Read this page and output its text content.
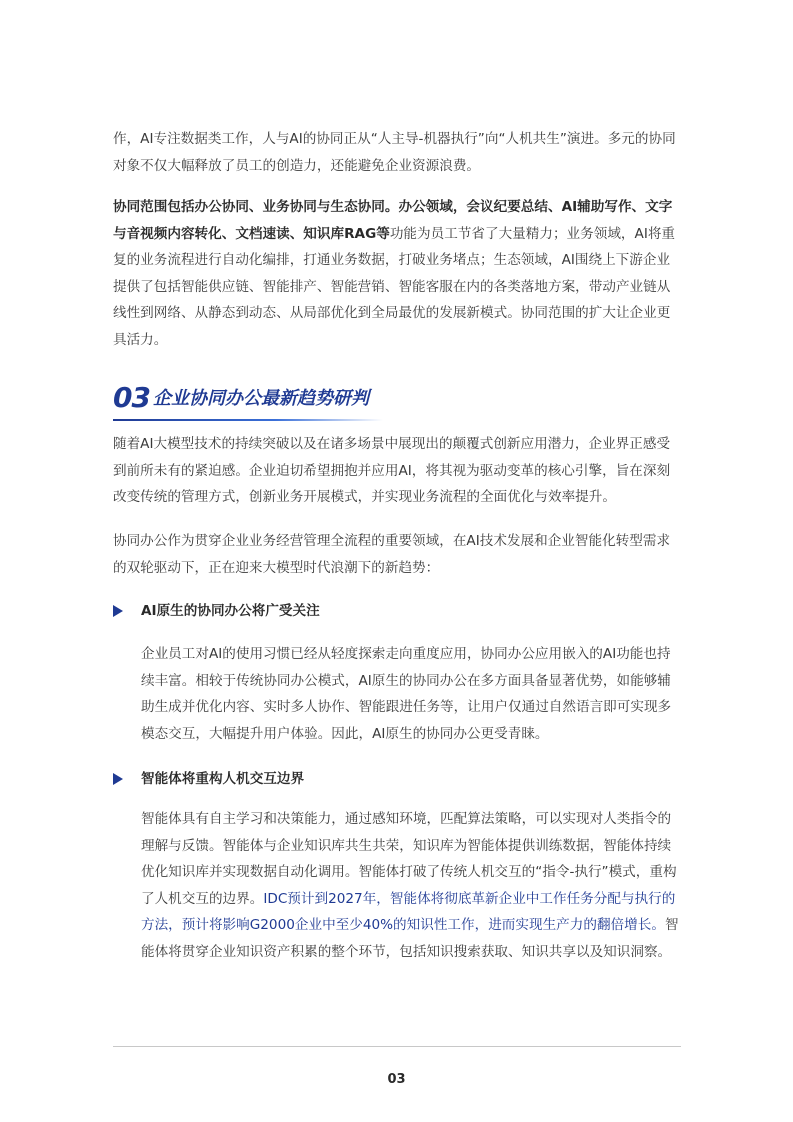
作，AI专注数据类工作，人与AI的协同正从“人主导-机器执行”向“人机共生”演进。多元的协同对象不仅大幅释放了员工的创造力，还能避免企业资源浪费。

协同范围包括办公协同、业务协同与生态协同。办公领域，会议纪要总结、AI辅助写作、文字与音视频内容转化、文档速读、知识库RAG等功能为员工节省了大量精力；业务领域，AI将重复的业务流程进行自动化编排，打通业务数据，打破业务堵点；生态领域，AI围绕上下游企业提供了包括智能供应链、智能排产、智能营销、智能客服在内的各类落地方案，带动产业链从线性到网络、从静态到动态、从局部优化到全局最优的发展新模式。协同范围的扩大让企业更具活力。

03 企业协同办公最新趋势研判

随着AI大模型技术的持续突破以及在诸多场景中展现出的颠覆式创新应用潜力，企业界正感受到前所未有的紧迫感。企业迫切希望拥抱并应用AI，将其视为驱动变革的核心引擎，旨在深刻改变传统的管理方式，创新业务开展模式，并实现业务流程的全面优化与效率提升。

协同办公作为贯穿企业业务经营管理全流程的重要领域，在AI技术发展和企业智能化转型需求的双轮驱动下，正在迎来大模型时代浪潮下的新趋势：

AI原生的协同办公将广受关注

企业员工对AI的使用习惯已经从轻度探索走向重度应用，协同办公应用嵌入的AI功能也持续丰富。相较于传统协同办公模式，AI原生的协同办公在多方面具备显著优势，如能够辅助生成并优化内容、实时多人协作、智能跟进任务等，让用户仅通过自然语言即可实现多模态交互，大幅提升用户体验。因此，AI原生的协同办公更受青睐。

智能体将重构人机交互边界

智能体具有自主学习和决策能力，通过感知环境，匹配算法策略，可以实现对人类指令的理解与反馈。智能体与企业知识库共生共荣，知识库为智能体提供训练数据，智能体持续优化知识库并实现数据自动化调用。智能体打破了传统人机交互的“指令-执行”模式，重构了人机交互的边界。IDC预计到2027年，智能体将彻底革新企业中工作任务分配与执行的方法，预计将影响G2000企业中至少40%的知识性工作，进而实现生产力的翻倍增长。智能体将贯穿企业知识资产积累的整个环节，包括知识搜索获取、知识共享以及知识洞察。

03
